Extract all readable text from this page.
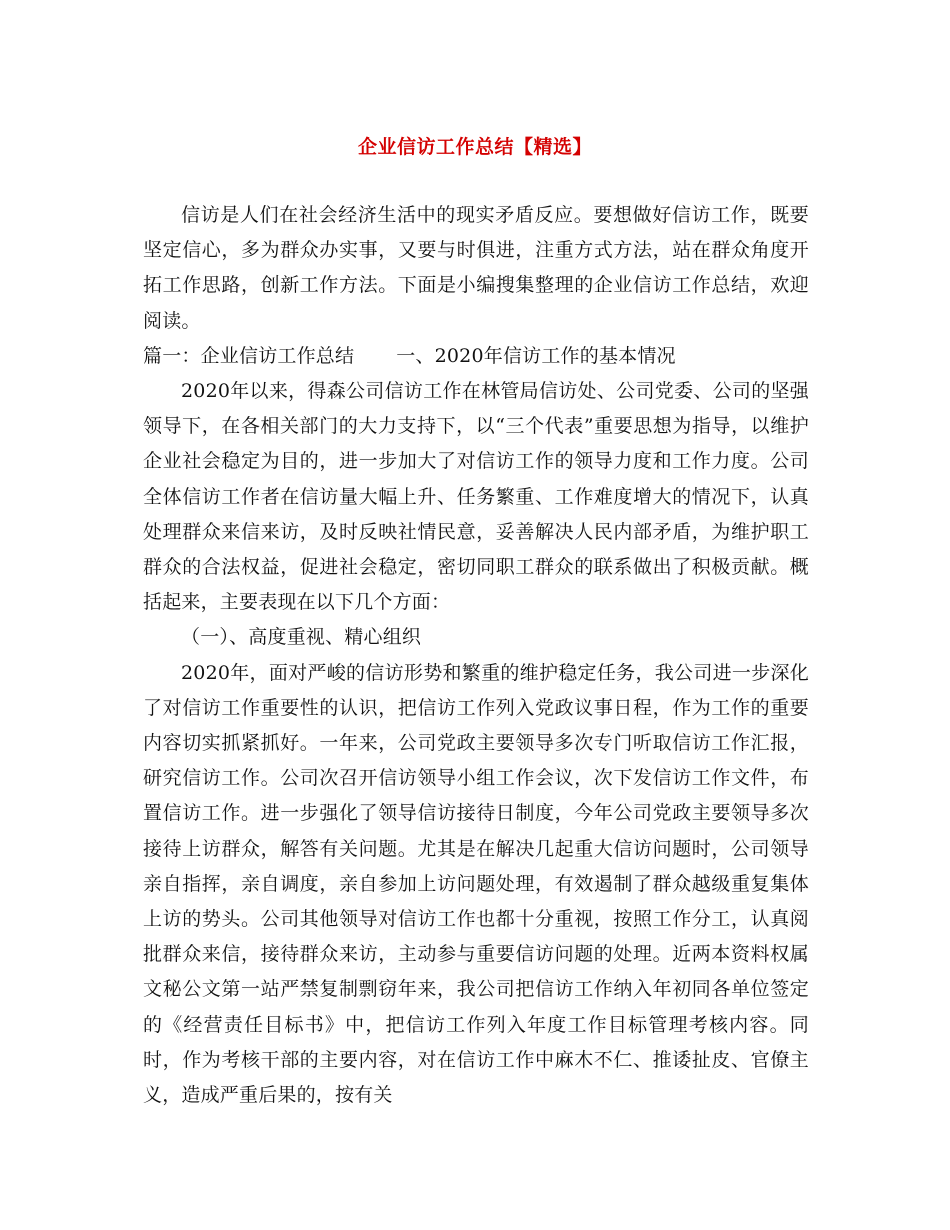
企业信访工作总结【精选】

信访是人们在社会经济生活中的现实矛盾反应。要想做好信访工作，既要坚定信心，多为群众办实事，又要与时俱进，注重方式方法，站在群众角度开拓工作思路，创新工作方法。下面是小编搜集整理的企业信访工作总结，欢迎阅读。

篇一：企业信访工作总结 一、2020年信访工作的基本情况

2020年以来，得森公司信访工作在林管局信访处、公司党委、公司的坚强领导下，在各相关部门的大力支持下，以“三个代表”重要思想为指导，以维护企业社会稳定为目的，进一步加大了对信访工作的领导力度和工作力度。公司全体信访工作者在信访量大幅上升、任务繁重、工作难度增大的情况下，认真处理群众来信来访，及时反映社情民意，妥善解决人民内部矛盾，为维护职工群众的合法权益，促进社会稳定，密切同职工群众的联系做出了积极贡献。概括起来，主要表现在以下几个方面：

（一）、高度重视、精心组织

2020年，面对严峻的信访形势和繁重的维护稳定任务，我公司进一步深化了对信访工作重要性的认识，把信访工作列入党政议事日程，作为工作的重要内容切实抓紧抓好。一年来，公司党政主要领导多次专门听取信访工作汇报，研究信访工作。公司次召开信访领导小组工作会议，次下发信访工作文件，布置信访工作。进一步强化了领导信访接待日制度，今年公司党政主要领导多次接待上访群众，解答有关问题。尤其是在解决几起重大信访问题时，公司领导亲自指挥，亲自调度，亲自参加上访问题处理，有效遏制了群众越级重复集体上访的势头。公司其他领导对信访工作也都十分重视，按照工作分工，认真阅批群众来信，接待群众来访，主动参与重要信访问题的处理。近两本资料权属文秘公文第一站严禁复制剽窃年来，我公司把信访工作纳入年初同各单位签定的《经营责任目标书》中，把信访工作列入年度工作目标管理考核内容。同时，作为考核干部的主要内容，对在信访工作中麻木不仁、推诿扯皮、官僚主义，造成严重后果的，按有关
